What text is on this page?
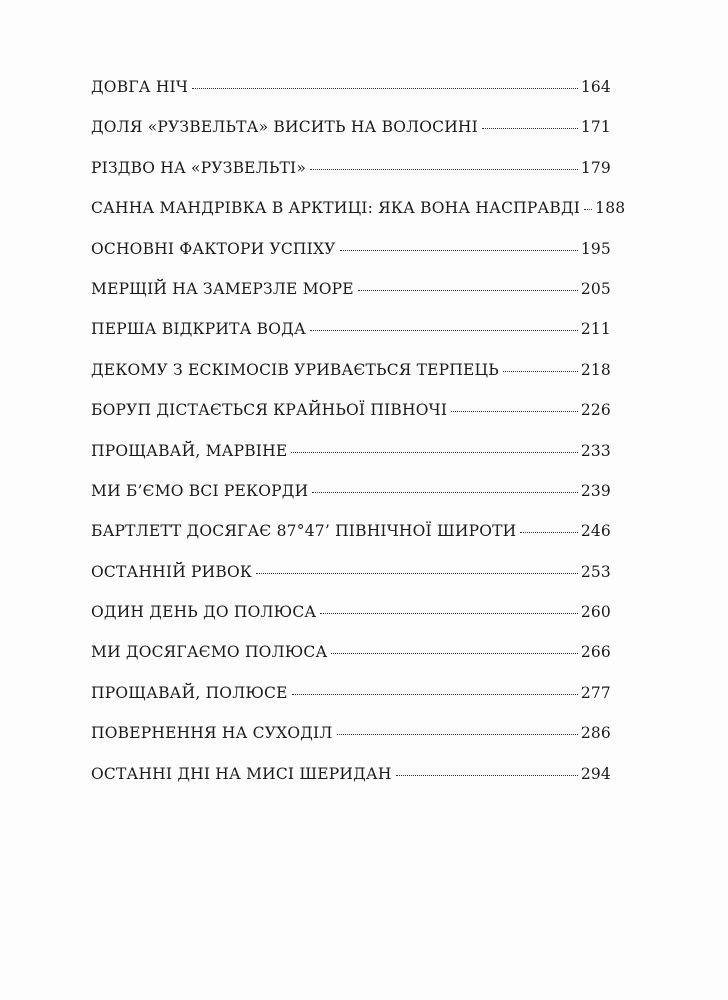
ДОВГА НІЧ	164
ДОЛЯ «РУЗВЕЛЬТА» ВИСИТЬ НА ВОЛОСИНІ	171
РІЗДВО НА «РУЗВЕЛЬТІ»	179
САННА МАНДРІВКА В АРКТИЦІ: ЯКА ВОНА НАСПРАВДІ 188
ОСНОВНІ ФАКТОРИ УСПІХУ	195
МЕРЩІЙ НА ЗАМЕРЗЛЕ МОРЕ	205
ПЕРША ВІДКРИТА ВОДА	211
ДЕКОМУ З ЕСКІМОСІВ УРИВАЄТЬСЯ ТЕРПЕЦЬ	218
БОРУП ДІСТАЄТЬСЯ КРАЙНЬОЇ ПІВНОЧІ	226
ПРОЩАВАЙ, МАРВІНЕ	233
МИ Б’ЄМО ВСІ РЕКОРДИ	239
БАРТЛЕТТ ДОСЯГАЄ 87°47’ ПІВНІЧНОЇ ШИРОТИ	246
ОСТАННІЙ РИВОК	253
ОДИН ДЕНЬ ДО ПОЛЮСА	260
МИ ДОСЯГАЄМО ПОЛЮСА	266
ПРОЩАВАЙ, ПОЛЮСЕ	277
ПОВЕРНЕННЯ НА СУХОДІЛ	286
ОСТАННІ ДНІ НА МИСІ ШЕРИДАН	294
